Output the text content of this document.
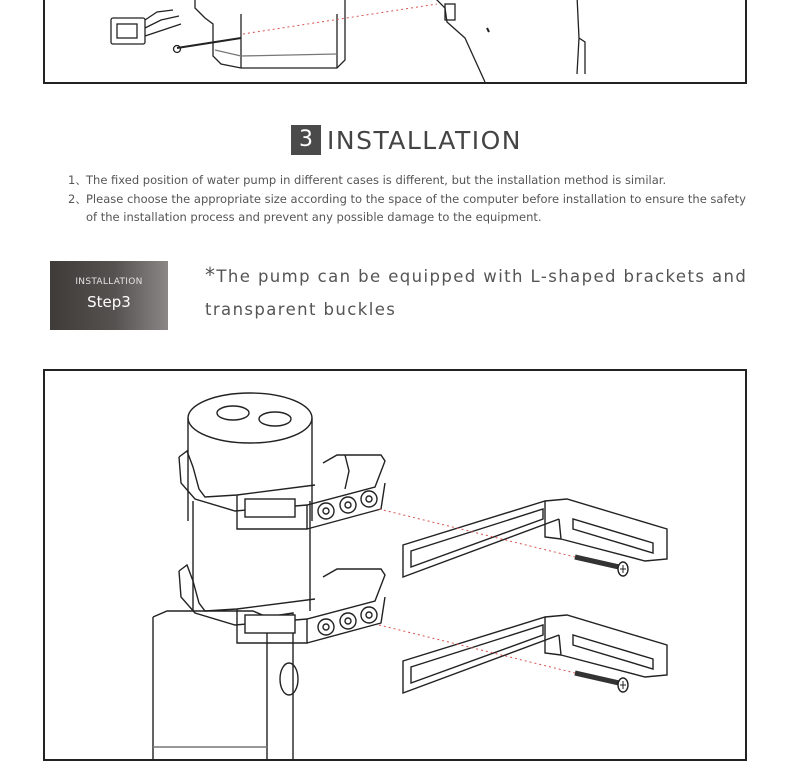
3 INSTALLATION
1、 The fixed position of water pump in different cases is different, but the installation method is similar.
2、 Please choose the appropriate size according to the space of the computer before installation to ensure the safety of the installation process and prevent any possible damage to the equipment.
INSTALLATION
Step3
*The pump can be equipped with L-shaped brackets and transparent buckles
